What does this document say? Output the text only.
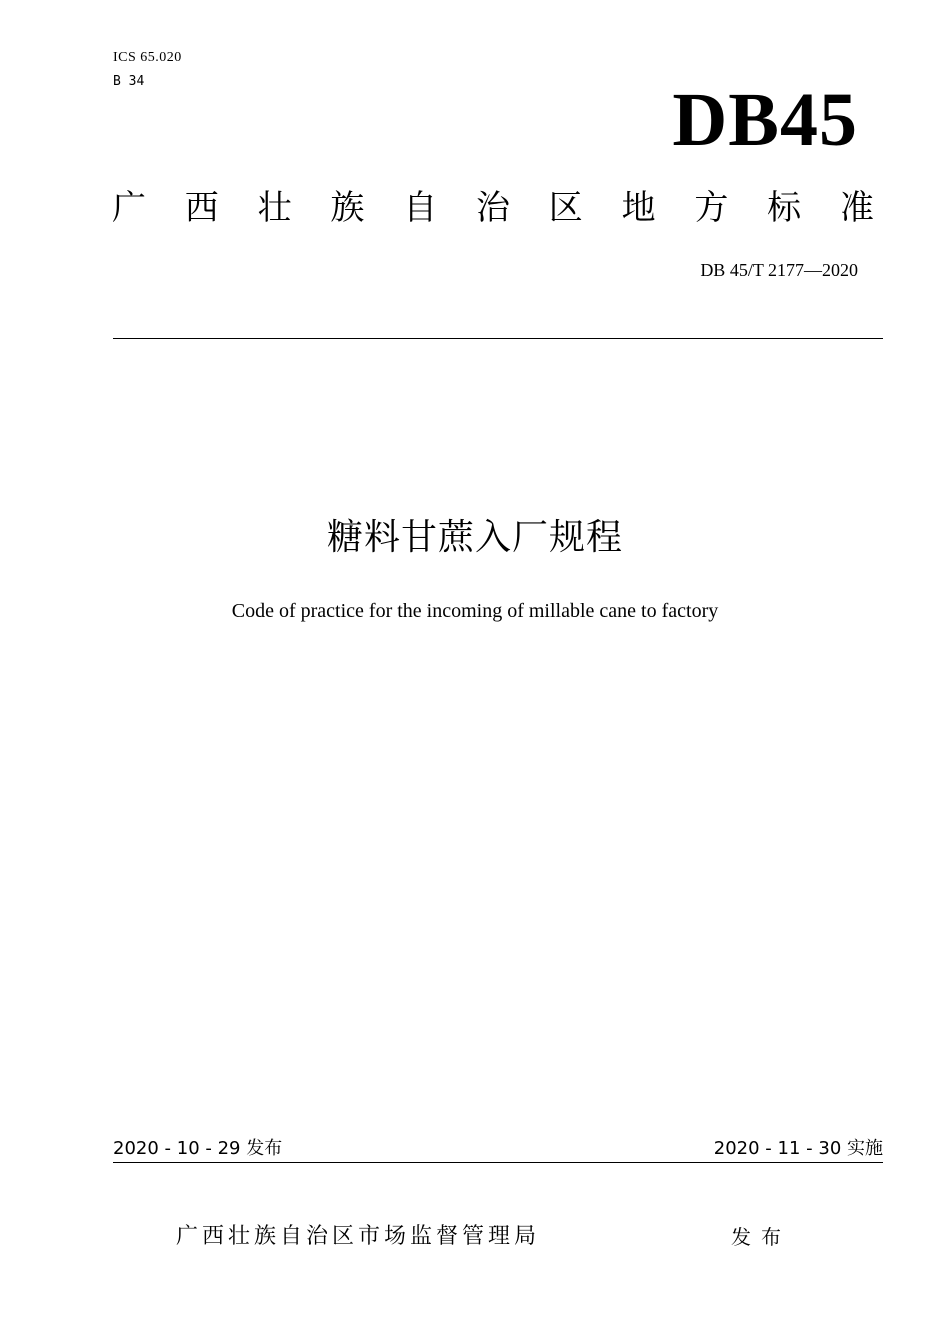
ICS 65.020
B 34	DB45
广 西 壮 族 自 治 区 地 方 标 准
DB 45/T 2177—2020
糖料甘蔗入厂规程
Code of practice for the incoming of millable cane to factory
2020 - 10 - 29 发布	2020 - 11 - 30 实施
广西壮族自治区市场监督管理局	发布
